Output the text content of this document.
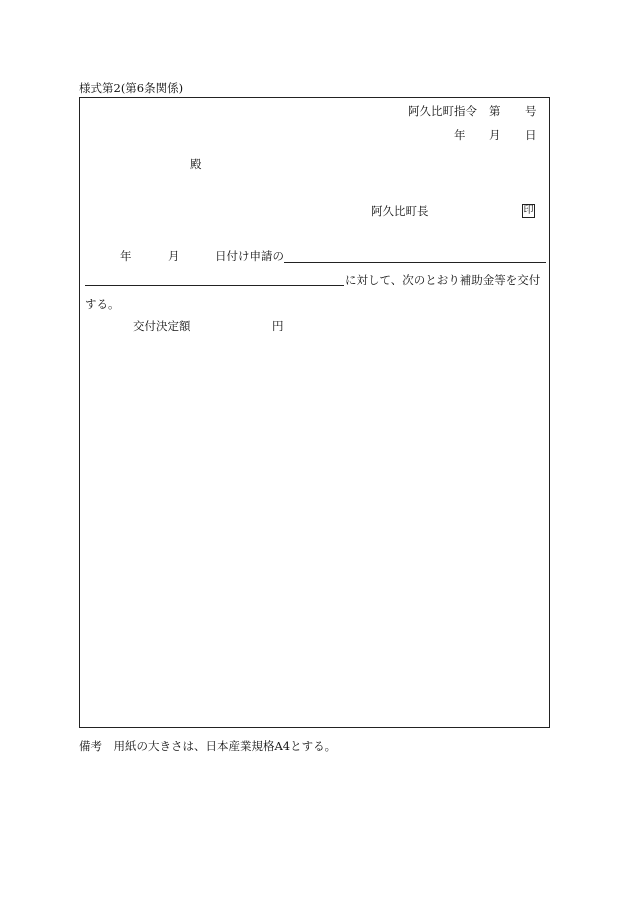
様式第2(第6条関係)
阿久比町指令 第 号
年 月 日
殿
阿久比町長	印
年	月	日付け申請の
に対して、次のとおり補助金等を交付
する。
交付決定額	円
備考　用紙の大きさは、日本産業規格A4とする。
